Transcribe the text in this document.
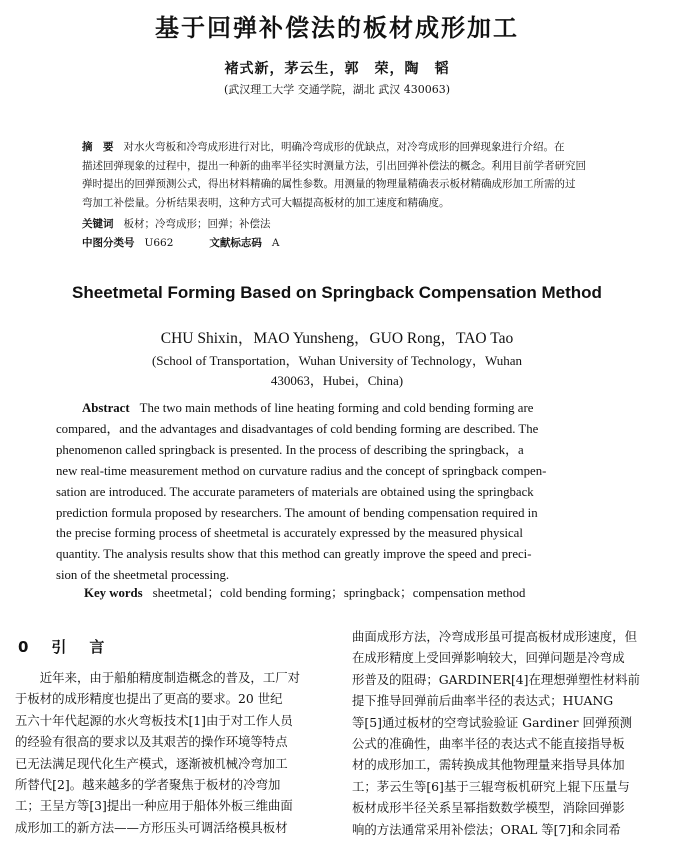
基于回弹补偿法的板材成形加工
褚式新，茅云生，郭　荣，陶　韬
(武汉理工大学 交通学院，湖北 武汉 430063)
摘　要 对水火弯板和冷弯成形进行对比，明确冷弯成形的优缺点，对冷弯成形的回弹现象进行介绍。在
描述回弹现象的过程中，提出一种新的曲率半径实时测量方法，引出回弹补偿法的概念。利用目前学者研究回
弹时提出的回弹预测公式，得出材料精确的属性参数。用测量的物理量精确表示板材精确成形加工所需的过
弯加工补偿量。分析结果表明，这种方式可大幅提高板材的加工速度和精确度。
关键词 板材；冷弯成形；回弹；补偿法
中图分类号 U662	文献标志码 A
Sheetmetal Forming Based on Springback Compensation Method
CHU Shixin，MAO Yunsheng，GUO Rong，TAO Tao
(School of Transportation，Wuhan University of Technology，Wuhan
430063，Hubei，China)
Abstract The two main methods of line heating forming and cold bending forming are
compared，and the advantages and disadvantages of cold bending forming are described. The
phenomenon called springback is presented. In the process of describing the springback，a
new real-time measurement method on curvature radius and the concept of springback compen-
sation are introduced. The accurate parameters of materials are obtained using the springback
prediction formula proposed by researchers. The amount of bending compensation required in
the precise forming process of sheetmetal is accurately expressed by the measured physical
quantity. The analysis results show that this method can greatly improve the speed and preci-
sion of the sheetmetal processing.
Key words sheetmetal；cold bending forming；springback；compensation method
0　引　言
近年来，由于船舶精度制造概念的普及，工厂对
于板材的成形精度也提出了更高的要求。20 世纪
五六十年代起源的水火弯板技术[1]由于对工作人员
的经验有很高的要求以及其艰苦的操作环境等特点
已无法满足现代化生产模式，逐渐被机械冷弯加工
所替代[2]。越来越多的学者聚焦于板材的冷弯加
工；王呈方等[3]提出一种应用于船体外板三维曲面
成形加工的新方法——方形压头可调活络模具板材
曲面成形方法，冷弯成形虽可提高板材成形速度，但
在成形精度上受回弹影响较大，回弹问题是冷弯成
形普及的阻碍；GARDINER[4]在理想弹塑性材料前
提下推导回弹前后曲率半径的表达式；HUANG
等[5]通过板材的空弯试验验证 Gardiner 回弹预测
公式的准确性，曲率半径的表达式不能直接指导板
材的成形加工，需转换成其他物理量来指导具体加
工；茅云生等[6]基于三辊弯板机研究上辊下压量与
板材成形半径关系呈幂指数数学模型，消除回弹影
响的方法通常采用补偿法；ORAL 等[7]和余同希
